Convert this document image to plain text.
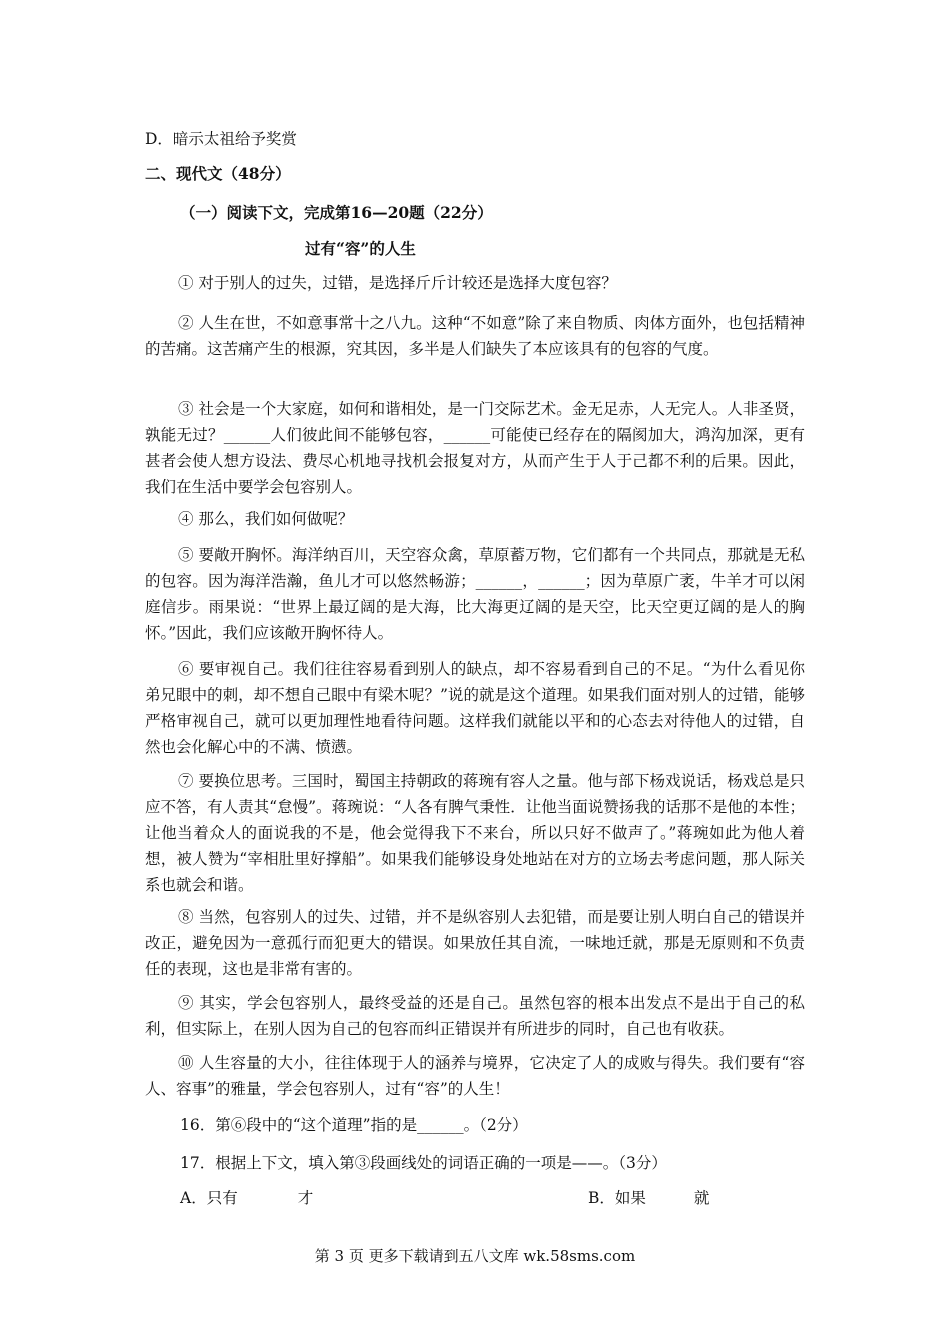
D．暗示太祖给予奖赏

二、现代文（48分）

（一）阅读下文，完成第16—20题（22分）

过有“容”的人生

① 对于别人的过失，过错，是选择斤斤计较还是选择大度包容？

② 人生在世，不如意事常十之八九。这种“不如意”除了来自物质、肉体方面外，也包括精神的苦痛。这苦痛产生的根源，究其因，多半是人们缺失了本应该具有的包容的气度。

③ 社会是一个大家庭，如何和谐相处，是一门交际艺术。金无足赤，人无完人。人非圣贤，孰能无过？______人们彼此间不能够包容，______可能使已经存在的隔阂加大，鸿沟加深，更有甚者会使人想方设法、费尽心机地寻找机会报复对方，从而产生于人于己都不利的后果。因此，我们在生活中要学会包容别人。

④ 那么，我们如何做呢？

⑤ 要敞开胸怀。海洋纳百川，天空容众禽，草原蓄万物，它们都有一个共同点，那就是无私的包容。因为海洋浩瀚，鱼儿才可以悠然畅游；______，______；因为草原广袤，牛羊才可以闲庭信步。雨果说：“世界上最辽阔的是大海，比大海更辽阔的是天空，比天空更辽阔的是人的胸怀。”因此，我们应该敞开胸怀待人。

⑥ 要审视自己。我们往往容易看到别人的缺点，却不容易看到自己的不足。“为什么看见你弟兄眼中的刺，却不想自己眼中有梁木呢？”说的就是这个道理。如果我们面对别人的过错，能够严格审视自己，就可以更加理性地看待问题。这样我们就能以平和的心态去对待他人的过错，自然也会化解心中的不满、愤懑。

⑦ 要换位思考。三国时，蜀国主持朝政的蒋琬有容人之量。他与部下杨戏说话，杨戏总是只应不答，有人责其“怠慢”。蒋琬说：“人各有脾气秉性．让他当面说赞扬我的话那不是他的本性；让他当着众人的面说我的不是，他会觉得我下不来台，所以只好不做声了。”蒋琬如此为他人着想，被人赞为“宰相肚里好撑船”。如果我们能够设身处地站在对方的立场去考虑问题，那人际关系也就会和谐。

⑧ 当然，包容别人的过失、过错，并不是纵容别人去犯错，而是要让别人明白自己的错误并改正，避免因为一意孤行而犯更大的错误。如果放任其自流，一味地迁就，那是无原则和不负责任的表现，这也是非常有害的。

⑨ 其实，学会包容别人，最终受益的还是自己。虽然包容的根本出发点不是出于自己的私利，但实际上，在别人因为自己的包容而纠正错误并有所进步的同时，自己也有收获。

⑩ 人生容量的大小，往往体现于人的涵养与境界，它决定了人的成败与得失。我们要有“容人、容事”的雅量，学会包容别人，过有“容”的人生！

16．第⑥段中的“这个道理”指的是______。（2分）

17．根据上下文，填入第③段画线处的词语正确的一项是——。（3分）

A．只有	才	B．如果	就
第 3 页 更多下载请到五八文库 wk.58sms.com
